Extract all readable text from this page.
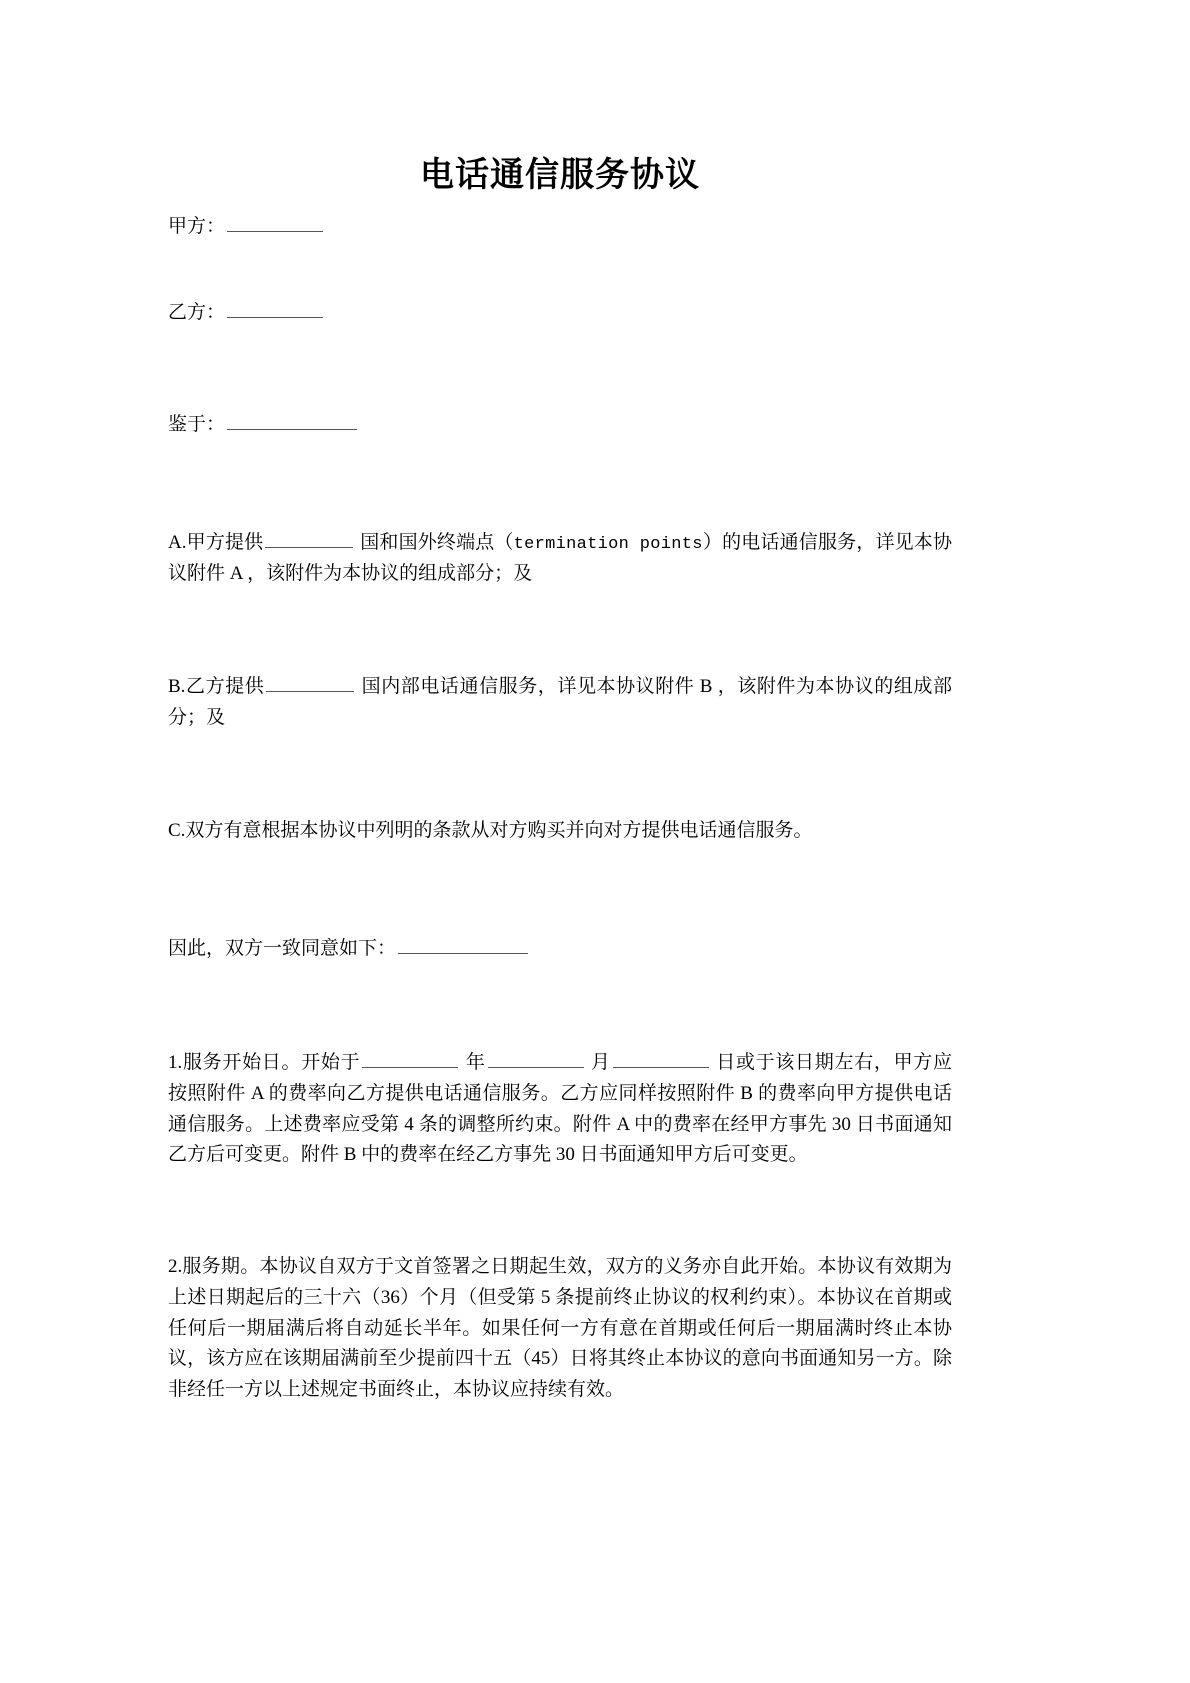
电话通信服务协议
甲方：
乙方：
鉴于：
A.甲方提供	国和国外终端点（termination points）的电话通信服务，详见本协议附件 A ，该附件为本协议的组成部分；及
B.乙方提供	国内部电话通信服务，详见本协议附件 B ，该附件为本协议的组成部分；及
C.双方有意根据本协议中列明的条款从对方购买并向对方提供电话通信服务。
因此，双方一致同意如下：
1.服务开始日。开始于	年	月	日或于该日期左右，甲方应按照附件 A 的费率向乙方提供电话通信服务。乙方应同样按照附件 B 的费率向甲方提供电话通信服务。上述费率应受第 4 条的调整所约束。附件 A 中的费率在经甲方事先 30 日书面通知乙方后可变更。附件 B 中的费率在经乙方事先 30 日书面通知甲方后可变更。
2.服务期。本协议自双方于文首签署之日期起生效，双方的义务亦自此开始。本协议有效期为上述日期起后的三十六（36）个月（但受第 5 条提前终止协议的权利约束）。本协议在首期或任何后一期届满后将自动延长半年。如果任何一方有意在首期或任何后一期届满时终止本协议，该方应在该期届满前至少提前四十五（45）日将其终止本协议的意向书面通知另一方。除非经任一方以上述规定书面终止，本协议应持续有效。
